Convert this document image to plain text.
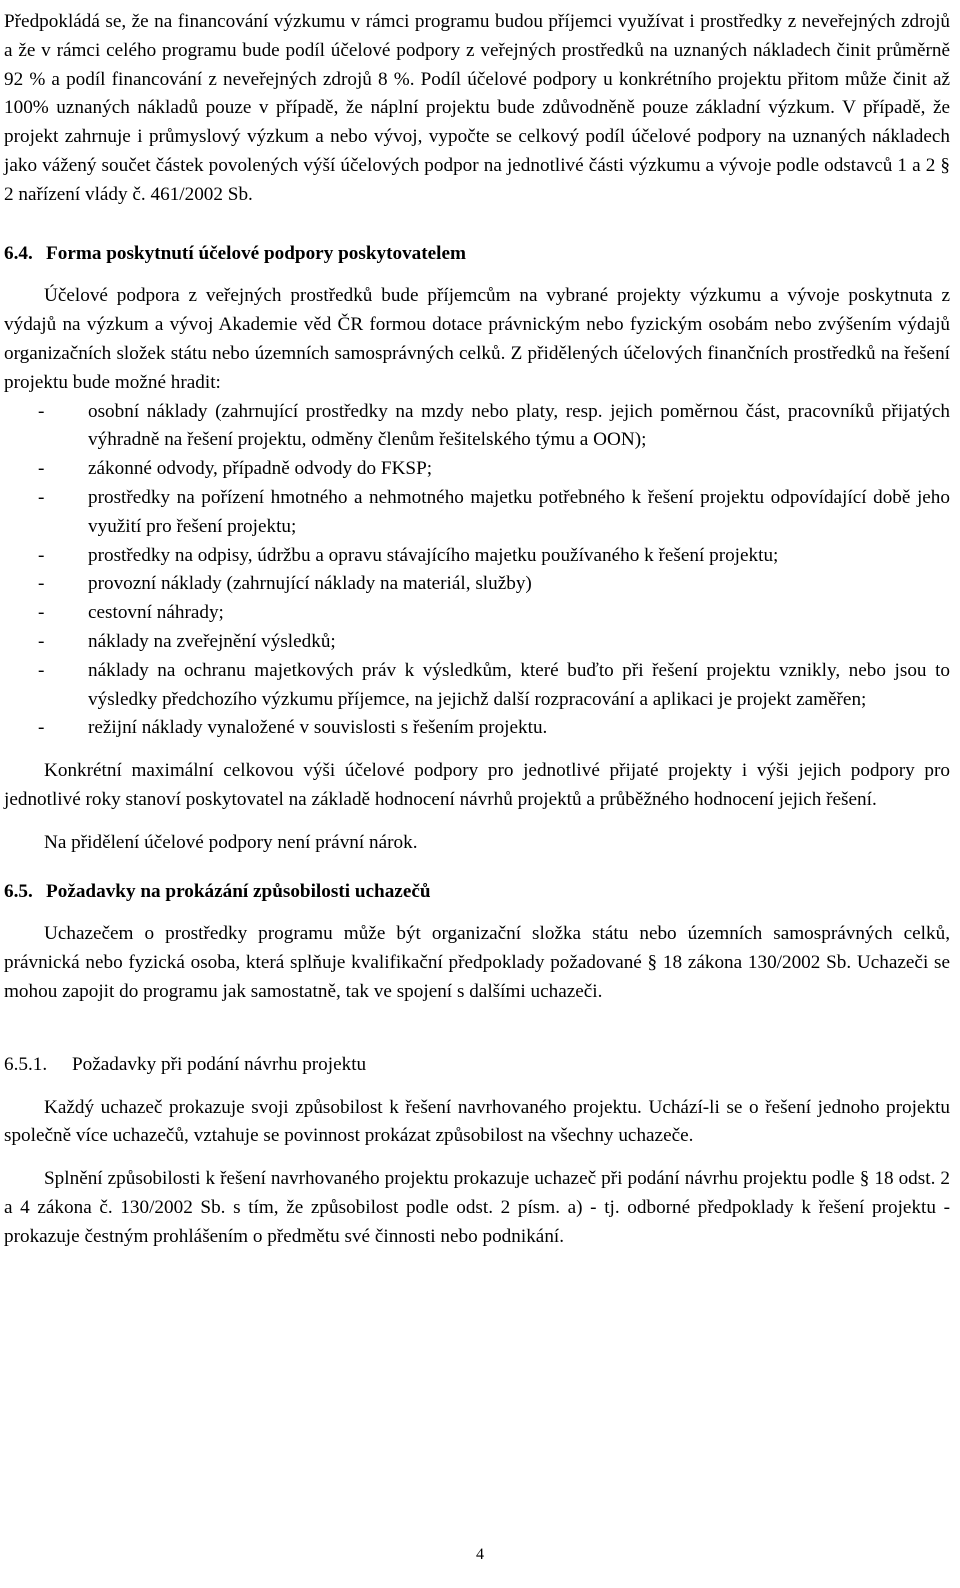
Předpokládá se, že na financování výzkumu v rámci programu budou příjemci využívat i prostředky z neveřejných zdrojů a že v rámci celého programu bude podíl účelové podpory z veřejných prostředků na uznaných nákladech činit průměrně 92 % a podíl financování z neveřejných zdrojů 8 %. Podíl účelové podpory u konkrétního projektu přitom může činit až 100% uznaných nákladů pouze v případě, že náplní projektu bude zdůvodněně pouze základní výzkum. V případě, že projekt zahrnuje i průmyslový výzkum a nebo vývoj, vypočte se celkový podíl účelové podpory na uznaných nákladech jako vážený součet částek povolených výší účelových podpor na jednotlivé části výzkumu a vývoje podle odstavců 1 a 2 § 2 nařízení vlády č. 461/2002 Sb.

6.4. Forma poskytnutí účelové podpory poskytovatelem

Účelové podpora z veřejných prostředků bude příjemcům na vybrané projekty výzkumu a vývoje poskytnuta z výdajů na výzkum a vývoj Akademie věd ČR formou dotace právnickým nebo fyzickým osobám nebo zvýšením výdajů organizačních složek státu nebo územních samosprávných celků. Z přidělených účelových finančních prostředků na řešení projektu bude možné hradit:

- osobní náklady (zahrnující prostředky na mzdy nebo platy, resp. jejich poměrnou část, pracovníků přijatých výhradně na řešení projektu, odměny členům řešitelského týmu a OON);
- zákonné odvody, případně odvody do FKSP;
- prostředky na pořízení hmotného a nehmotného majetku potřebného k řešení projektu odpovídající době jeho využití pro řešení projektu;
- prostředky na odpisy, údržbu a opravu stávajícího majetku používaného k řešení projektu;
- provozní náklady (zahrnující náklady na materiál, služby)
- cestovní náhrady;
- náklady na zveřejnění výsledků;
- náklady na ochranu majetkových práv k výsledkům, které buďto při řešení projektu vznikly, nebo jsou to výsledky předchozího výzkumu příjemce, na jejichž další rozpracování a aplikaci je projekt zaměřen;
- režijní náklady vynaložené v souvislosti s řešením projektu.

Konkrétní maximální celkovou výši účelové podpory pro jednotlivé přijaté projekty i výši jejich podpory pro jednotlivé roky stanoví poskytovatel na základě hodnocení návrhů projektů a průběžného hodnocení jejich řešení.

Na přidělení účelové podpory není právní nárok.

6.5. Požadavky na prokázání způsobilosti uchazečů

Uchazečem o prostředky programu může být organizační složka státu nebo územních samosprávných celků, právnická nebo fyzická osoba, která splňuje kvalifikační předpoklady požadované § 18 zákona 130/2002 Sb. Uchazeči se mohou zapojit do programu jak samostatně, tak ve spojení s dalšími uchazeči.

6.5.1. Požadavky při podání návrhu projektu

Každý uchazeč prokazuje svoji způsobilost k řešení navrhovaného projektu. Uchází-li se o řešení jednoho projektu společně více uchazečů, vztahuje se povinnost prokázat způsobilost na všechny uchazeče.

Splnění způsobilosti k řešení navrhovaného projektu prokazuje uchazeč při podání návrhu projektu podle § 18 odst. 2 a 4 zákona č. 130/2002 Sb. s tím, že způsobilost podle odst. 2 písm. a) - tj. odborné předpoklady k řešení projektu - prokazuje čestným prohlášením o předmětu své činnosti nebo podnikání.

4
